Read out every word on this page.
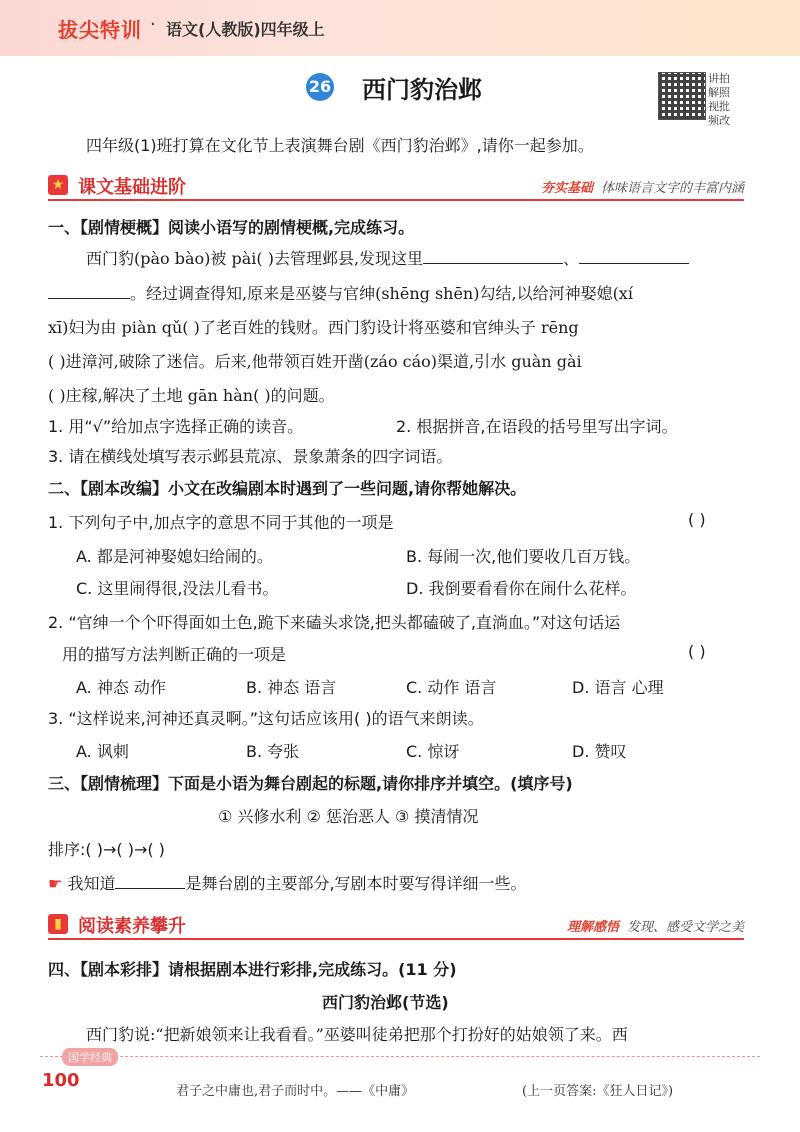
拔尖特训 · 语文(人教版)四年级上
26 西门豹治邺	讲拍 解照 视批 频改
四年级(1)班打算在文化节上表演舞台剧《西门豹治邺》,请你一起参加。
★ 课文基础进阶	夯实基础 体味语言文字的丰富内涵
一、【剧情梗概】阅读小语写的剧情梗概,完成练习。
西门豹(pào bào)被 pài( )去管理邺县,发现这里	、
。经过调查得知,原来是巫婆与官绅(shēng shēn)勾结,以给河神娶媳(xí
xī)妇为由 piàn qǔ( )了老百姓的钱财。西门豹设计将巫婆和官绅头子 rēng
( )进漳河,破除了迷信。后来,他带领百姓开凿(záo cáo)渠道,引水 guàn gài
( )庄稼,解决了土地 gān hàn( )的问题。
1. 用“√”给加点字选择正确的读音。	2. 根据拼音,在语段的括号里写出字词。
3. 请在横线处填写表示邺县荒凉、景象萧条的四字词语。
二、【剧本改编】小文在改编剧本时遇到了一些问题,请你帮她解决。
1. 下列句子中,加点字的意思不同于其他的一项是	( )
A. 都是河神娶媳妇给闹的。	B. 每闹一次,他们要收几百万钱。
C. 这里闹得很,没法儿看书。	D. 我倒要看看你在闹什么花样。
2. “官绅一个个吓得面如土色,跪下来磕头求饶,把头都磕破了,直淌血。”对这句话运
用的描写方法判断正确的一项是	( )
A. 神态 动作	B. 神态 语言	C. 动作 语言	D. 语言 心理
3. “这样说来,河神还真灵啊。”这句话应该用( )的语气来朗读。
A. 讽刺	B. 夸张	C. 惊讶	D. 赞叹
三、【剧情梳理】下面是小语为舞台剧起的标题,请你排序并填空。(填序号)
① 兴修水利 ② 惩治恶人 ③ 摸清情况
排序:( )→( )→( )
☛ 我知道	是舞台剧的主要部分,写剧本时要写得详细一些。
▮ 阅读素养攀升	理解感悟 发现、感受文学之美
四、【剧本彩排】请根据剧本进行彩排,完成练习。(11 分)
西门豹治邺(节选)
西门豹说:“把新娘领来让我看看。”巫婆叫徒弟把那个打扮好的姑娘领了来。西
国学经典
100
君子之中庸也,君子而时中。——《中庸》	(上一页答案:《狂人日记》)
